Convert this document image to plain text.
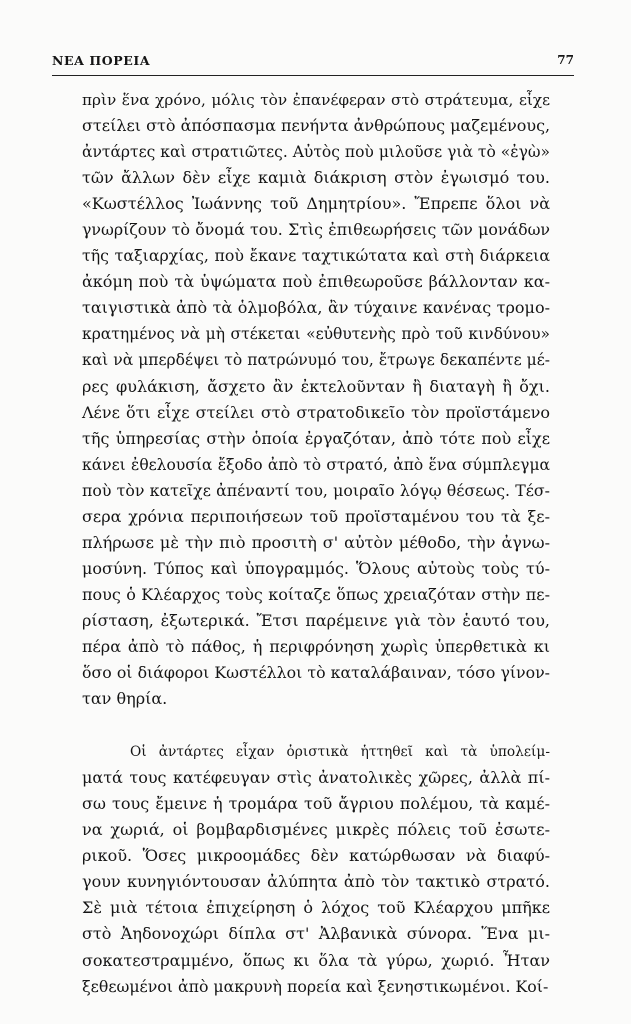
ΝΕΑ ΠΟΡΕΙΑ	77
πρὶν ἕνα χρόνο, μόλις τὸν ἐπανέφεραν στὸ στράτευμα, εἶχε
στείλει στὸ ἀπόσπασμα πενήντα ἀνθρώπους μαζεμένους,
ἀντάρτες καὶ στρατιῶτες. Αὐτὸς ποὺ μιλοῦσε γιὰ τὸ «ἐγὼ»
τῶν ἄλλων δὲν εἶχε καμιὰ διάκριση στὸν ἐγωισμό του.
«Κωστέλλος Ἰωάννης τοῦ Δημητρίου». Ἔπρεπε ὅλοι νὰ
γνωρίζουν τὸ ὄνομά του. Στὶς ἐπιθεωρήσεις τῶν μονάδων
τῆς ταξιαρχίας, ποὺ ἔκανε ταχτικώτατα καὶ στὴ διάρκεια
ἀκόμη ποὺ τὰ ὑψώματα ποὺ ἐπιθεωροῦσε βάλλονταν κα-
ταιγιστικὰ ἀπὸ τὰ ὁλμοβόλα, ἂν τύχαινε κανένας τρομο-
κρατημένος νὰ μὴ στέκεται «εὐθυτενὴς πρὸ τοῦ κινδύνου»
καὶ νὰ μπερδέψει τὸ πατρώνυμό του, ἔτρωγε δεκαπέντε μέ-
ρες φυλάκιση, ἄσχετο ἂν ἐκτελοῦνταν ἢ διαταγὴ ἢ ὄχι.
Λένε ὅτι εἶχε στείλει στὸ στρατοδικεῖο τὸν προϊστάμενο
τῆς ὑπηρεσίας στὴν ὁποία ἐργαζόταν, ἀπὸ τότε ποὺ εἶχε
κάνει ἐθελουσία ἔξοδο ἀπὸ τὸ στρατό, ἀπὸ ἕνα σύμπλεγμα
ποὺ τὸν κατεῖχε ἀπέναντί του, μοιραῖο λόγῳ θέσεως. Τέσ-
σερα χρόνια περιποιήσεων τοῦ προϊσταμένου του τὰ ξε-
πλήρωσε μὲ τὴν πιὸ προσιτὴ σ' αὐτὸν μέθοδο, τὴν ἀγνω-
μοσύνη. Τύπος καὶ ὑπογραμμός. Ὅλους αὐτοὺς τοὺς τύ-
πους ὁ Κλέαρχος τοὺς κοίταζε ὅπως χρειαζόταν στὴν πε-
ρίσταση, ἐξωτερικά. Ἔτσι παρέμεινε γιὰ τὸν ἑαυτό του,
πέρα ἀπὸ τὸ πάθος, ἡ περιφρόνηση χωρὶς ὑπερθετικὰ κι
ὅσο οἱ διάφοροι Κωστέλλοι τὸ καταλάβαιναν, τόσο γίνον-
ταν θηρία.
Οἱ ἀντάρτες εἶχαν ὁριστικὰ ἡττηθεῖ καὶ τὰ ὑπολείμ-
ματά τους κατέφευγαν στὶς ἀνατολικὲς χῶρες, ἀλλὰ πί-
σω τους ἔμεινε ἡ τρομάρα τοῦ ἄγριου πολέμου, τὰ καμέ-
να χωριά, οἱ βομβαρδισμένες μικρὲς πόλεις τοῦ ἐσωτε-
ρικοῦ. Ὅσες μικροομάδες δὲν κατώρθωσαν νὰ διαφύ-
γουν κυνηγιόντουσαν ἀλύπητα ἀπὸ τὸν τακτικὸ στρατό.
Σὲ μιὰ τέτοια ἐπιχείρηση ὁ λόχος τοῦ Κλέαρχου μπῆκε
στὸ Ἀηδονοχώρι δίπλα στ' Ἀλβανικὰ σύνορα. Ἕνα μι-
σοκατεστραμμένο, ὅπως κι ὅλα τὰ γύρω, χωριό. Ἦταν
ξεθεωμένοι ἀπὸ μακρυνὴ πορεία καὶ ξενηστικωμένοι. Κοί-
